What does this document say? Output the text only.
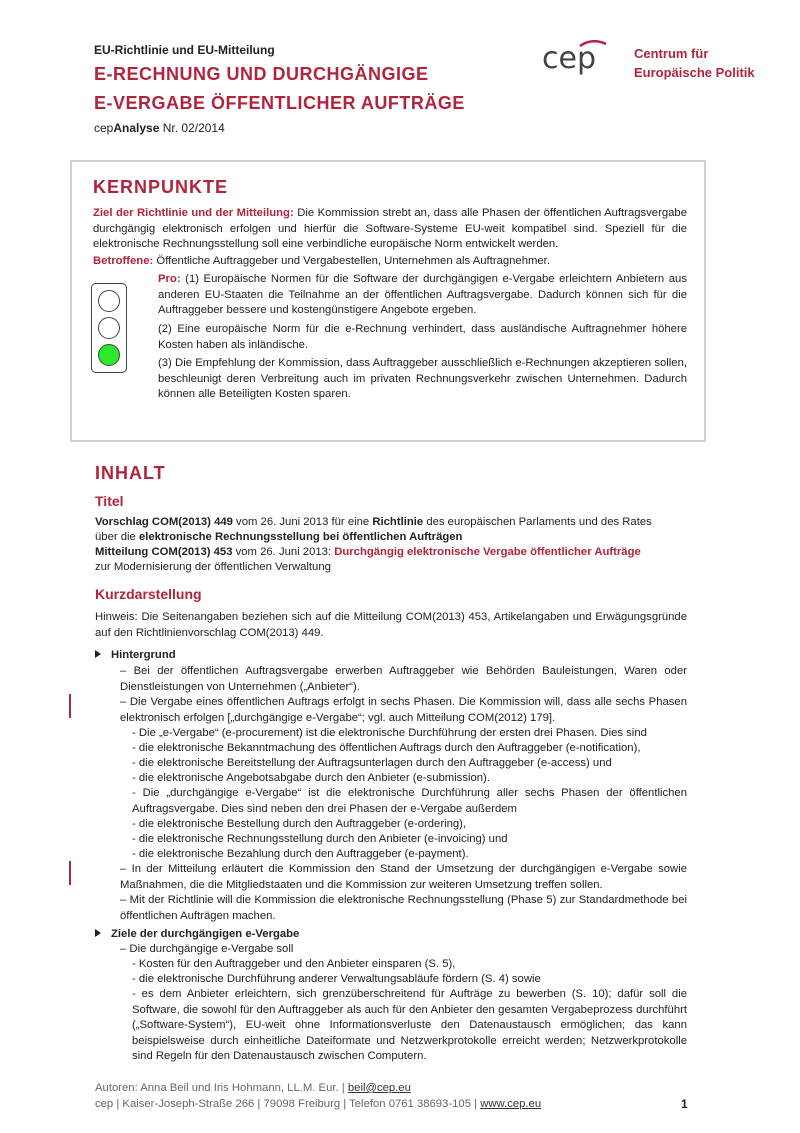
EU-Richtlinie und EU-Mitteilung
E-RECHNUNG UND DURCHGÄNGIGE
E-VERGABE ÖFFENTLICHER AUFTRÄGE
cepAnalyse Nr. 02/2014
cep	Centrum für
Europäische Politik
KERNPUNKTE
Ziel der Richtlinie und der Mitteilung: Die Kommission strebt an, dass alle Phasen der öffentlichen Auftragsvergabe durchgängig elektronisch erfolgen und hierfür die Software-Systeme EU-weit kompatibel sind. Speziell für die elektronische Rechnungsstellung soll eine verbindliche europäische Norm entwickelt werden.
Betroffene: Öffentliche Auftraggeber und Vergabestellen, Unternehmen als Auftragnehmer.
Pro: (1) Europäische Normen für die Software der durchgängigen e-Vergabe erleichtern Anbietern aus anderen EU-Staaten die Teilnahme an der öffentlichen Auftragsvergabe. Dadurch können sich für die Auftraggeber bessere und kostengünstigere Angebote ergeben.
(2) Eine europäische Norm für die e-Rechnung verhindert, dass ausländische Auftragnehmer höhere Kosten haben als inländische.
(3) Die Empfehlung der Kommission, dass Auftraggeber ausschließlich e-Rechnungen akzeptieren sollen, beschleunigt deren Verbreitung auch im privaten Rechnungsverkehr zwischen Unternehmen. Dadurch können alle Beteiligten Kosten sparen.
INHALT
Titel
Vorschlag COM(2013) 449 vom 26. Juni 2013 für eine Richtlinie des europäischen Parlaments und des Rates
über die elektronische Rechnungsstellung bei öffentlichen Aufträgen
Mitteilung COM(2013) 453 vom 26. Juni 2013: Durchgängig elektronische Vergabe öffentlicher Aufträge
zur Modernisierung der öffentlichen Verwaltung
Kurzdarstellung
Hinweis: Die Seitenangaben beziehen sich auf die Mitteilung COM(2013) 453, Artikelangaben und Erwägungsgründe auf den Richtlinienvorschlag COM(2013) 449.
Hintergrund
– Bei der öffentlichen Auftragsvergabe erwerben Auftraggeber wie Behörden Bauleistungen, Waren oder Dienstleistungen von Unternehmen („Anbieter“).
– Die Vergabe eines öffentlichen Auftrags erfolgt in sechs Phasen. Die Kommission will, dass alle sechs Phasen elektronisch erfolgen [„durchgängige e-Vergabe“; vgl. auch Mitteilung COM(2012) 179].
- Die „e-Vergabe“ (e-procurement) ist die elektronische Durchführung der ersten drei Phasen. Dies sind
- die elektronische Bekanntmachung des öffentlichen Auftrags durch den Auftraggeber (e-notification),
- die elektronische Bereitstellung der Auftragsunterlagen durch den Auftraggeber (e-access) und
- die elektronische Angebotsabgabe durch den Anbieter (e-submission).
- Die „durchgängige e-Vergabe“ ist die elektronische Durchführung aller sechs Phasen der öffentlichen Auftragsvergabe. Dies sind neben den drei Phasen der e-Vergabe außerdem
- die elektronische Bestellung durch den Auftraggeber (e-ordering),
- die elektronische Rechnungsstellung durch den Anbieter (e-invoicing) und
- die elektronische Bezahlung durch den Auftraggeber (e-payment).
– In der Mitteilung erläutert die Kommission den Stand der Umsetzung der durchgängigen e-Vergabe sowie Maßnahmen, die die Mitgliedstaaten und die Kommission zur weiteren Umsetzung treffen sollen.
– Mit der Richtlinie will die Kommission die elektronische Rechnungsstellung (Phase 5) zur Standardmethode bei öffentlichen Aufträgen machen.
Ziele der durchgängigen e-Vergabe
– Die durchgängige e-Vergabe soll
- Kosten für den Auftraggeber und den Anbieter einsparen (S. 5),
- die elektronische Durchführung anderer Verwaltungsabläufe fördern (S. 4) sowie
- es dem Anbieter erleichtern, sich grenzüberschreitend für Aufträge zu bewerben (S. 10); dafür soll die Software, die sowohl für den Auftraggeber als auch für den Anbieter den gesamten Vergabeprozess durchführt („Software-System“), EU-weit ohne Informationsverluste den Datenaustausch ermöglichen; das kann beispielsweise durch einheitliche Dateiformate und Netzwerkprotokolle erreicht werden; Netzwerkprotokolle sind Regeln für den Datenaustausch zwischen Computern.
Autoren: Anna Beil und Iris Hohmann, LL.M. Eur. | beil@cep.eu
cep | Kaiser-Joseph-Straße 266 | 79098 Freiburg | Telefon 0761 38693-105 | www.cep.eu	1
